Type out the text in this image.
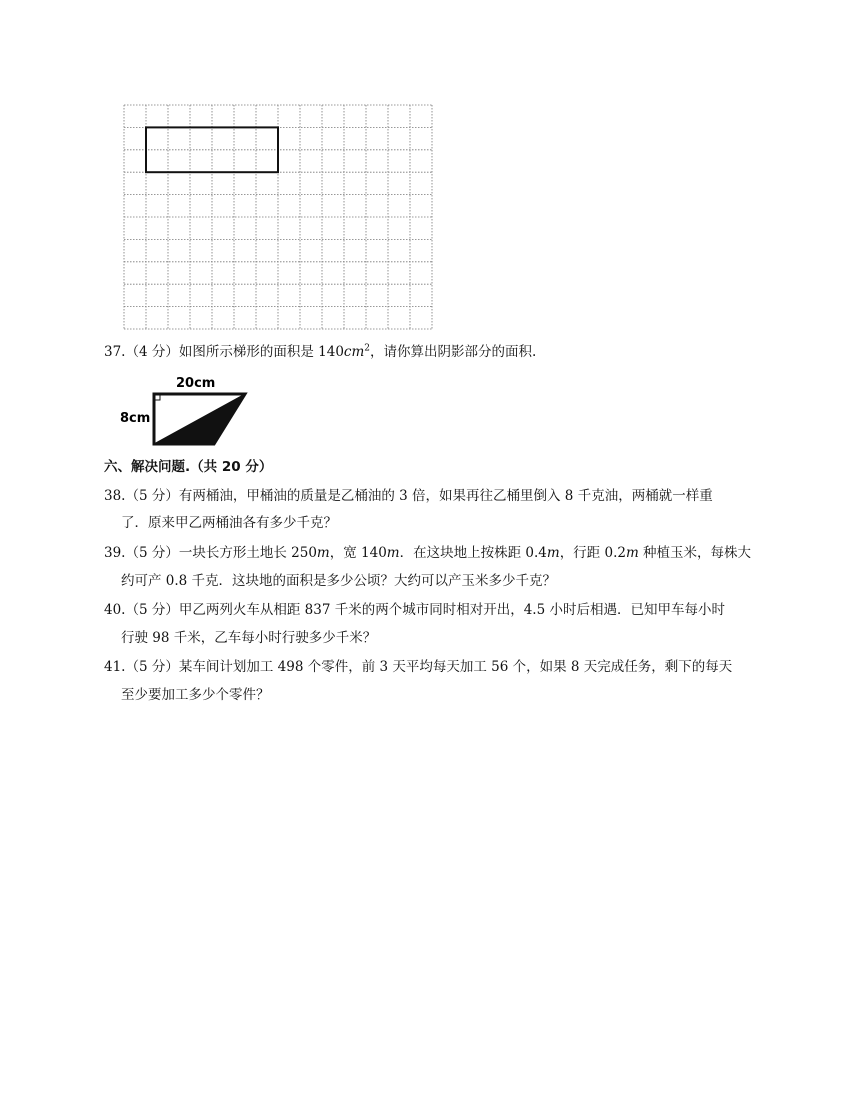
37.（4 分）如图所示梯形的面积是 $140cm^2$，请你算出阴影部分的面积.
20cm
8cm
六、解决问题.（共 20 分）
38.（5 分）有两桶油，甲桶油的质量是乙桶油的 3 倍，如果再往乙桶里倒入 8 千克油，两桶就一样重
了．原来甲乙两桶油各有多少千克？
39.（5 分）一块长方形土地长 250m，宽 140m．在这块地上按株距 0.4m，行距 0.2m 种植玉米，每株大
约可产 0.8 千克．这块地的面积是多少公顷？大约可以产玉米多少千克？
40.（5 分）甲乙两列火车从相距 837 千米的两个城市同时相对开出，4.5 小时后相遇．已知甲车每小时
行驶 98 千米，乙车每小时行驶多少千米？
41.（5 分）某车间计划加工 498 个零件，前 3 天平均每天加工 56 个，如果 8 天完成任务，剩下的每天
至少要加工多少个零件？
